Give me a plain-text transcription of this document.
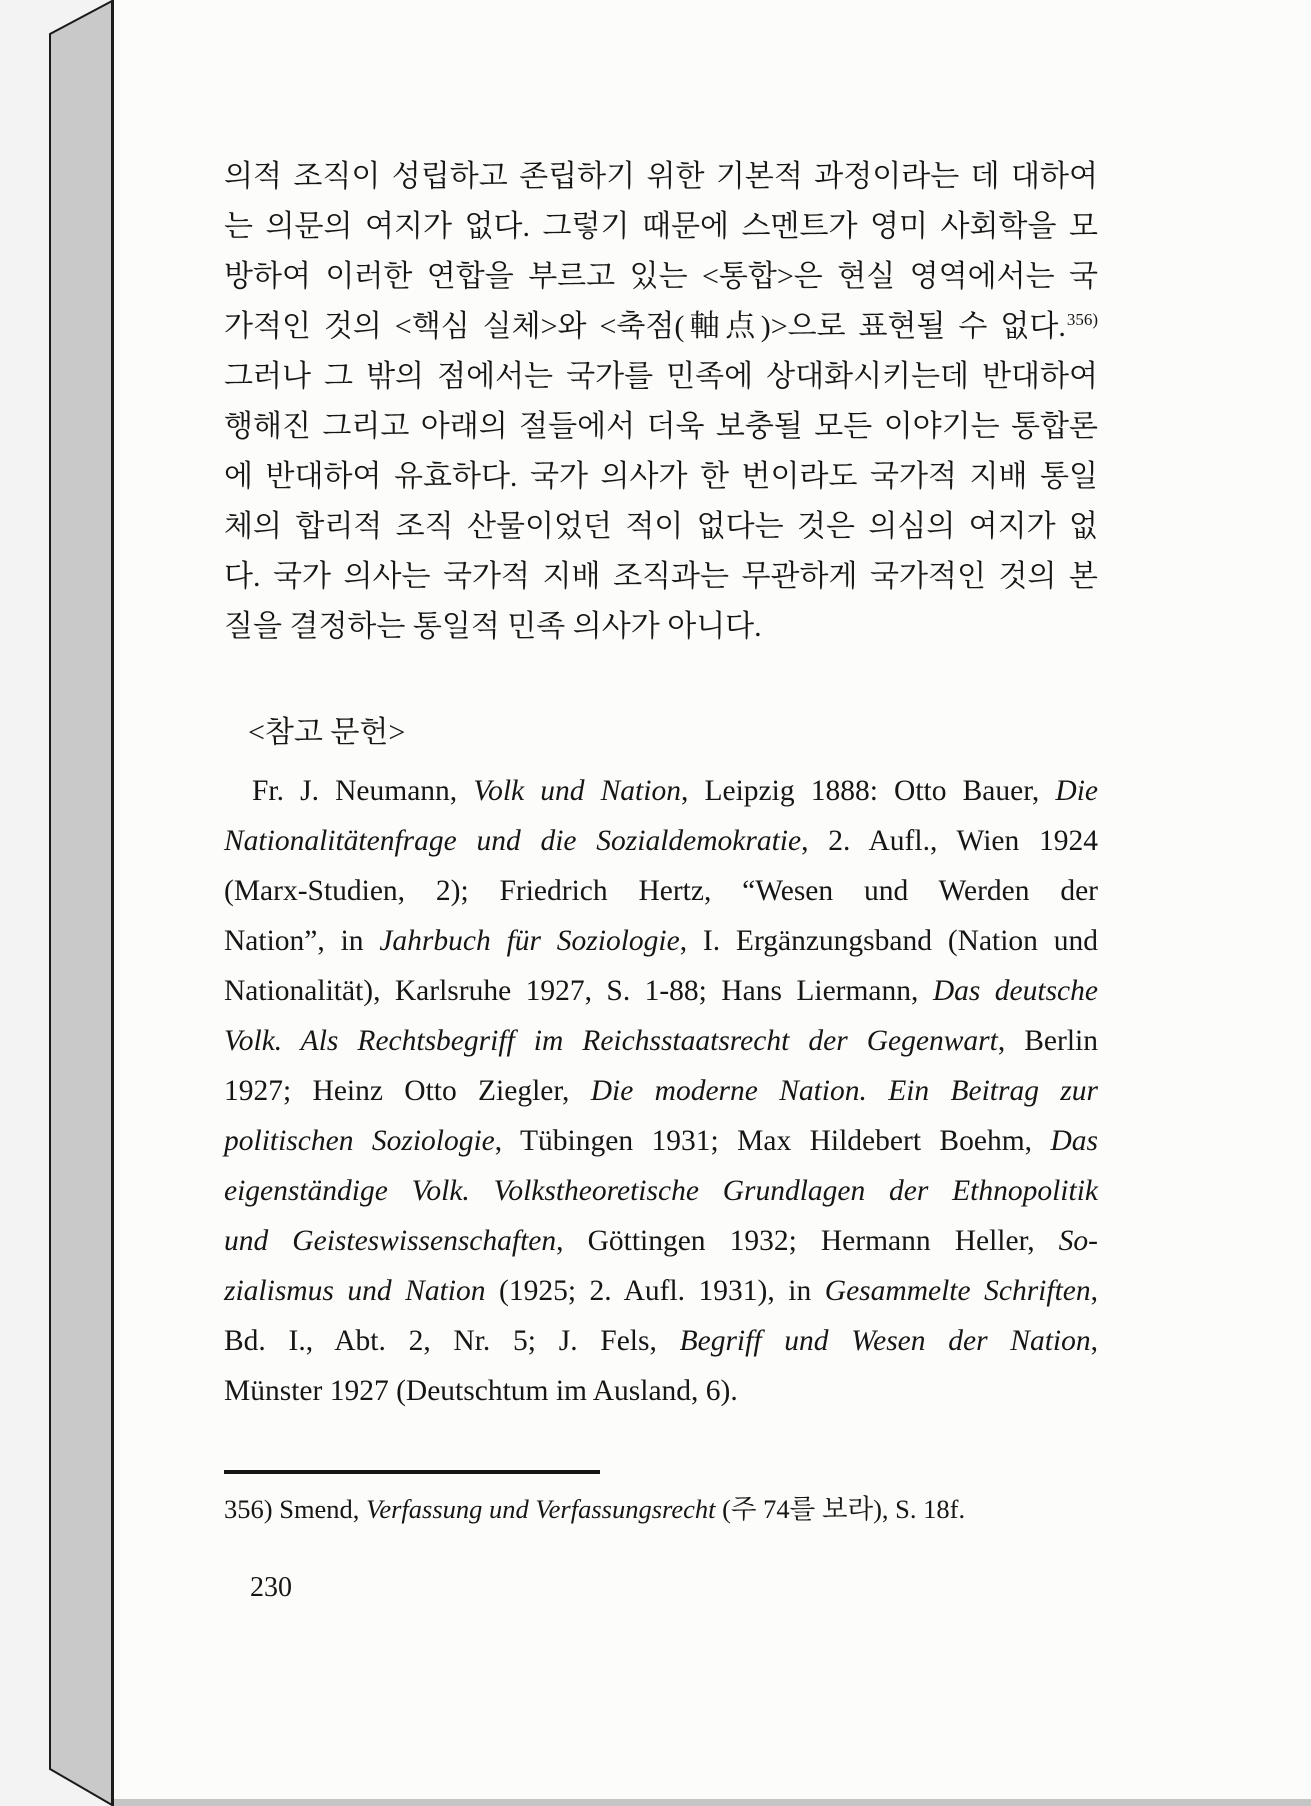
의적 조직이 성립하고 존립하기 위한 기본적 과정이라는 데 대하여
는 의문의 여지가 없다. 그렇기 때문에 스멘트가 영미 사회학을 모
방하여 이러한 연합을 부르고 있는 <통합>은 현실 영역에서는 국
가적인 것의 <핵심 실체>와 <축점(軸点)>으로 표현될 수 없다.$^{356)}$
그러나 그 밖의 점에서는 국가를 민족에 상대화시키는데 반대하여
행해진 그리고 아래의 절들에서 더욱 보충될 모든 이야기는 통합론
에 반대하여 유효하다. 국가 의사가 한 번이라도 국가적 지배 통일
체의 합리적 조직 산물이었던 적이 없다는 것은 의심의 여지가 없
다. 국가 의사는 국가적 지배 조직과는 무관하게 국가적인 것의 본
질을 결정하는 통일적 민족 의사가 아니다.
<참고 문헌>
Fr. J. Neumann, Volk und Nation, Leipzig 1888: Otto Bauer, Die
Nationalitätenfrage und die Sozialdemokratie, 2. Aufl., Wien 1924
(Marx-Studien, 2); Friedrich Hertz, “Wesen und Werden der
Nation”, in Jahrbuch für Soziologie, I. Ergänzungsband (Nation und
Nationalität), Karlsruhe 1927, S. 1-88; Hans Liermann, Das deutsche
Volk. Als Rechtsbegriff im Reichsstaatsrecht der Gegenwart, Berlin
1927; Heinz Otto Ziegler, Die moderne Nation. Ein Beitrag zur
politischen Soziologie, Tübingen 1931; Max Hildebert Boehm, Das
eigenständige Volk. Volkstheoretische Grundlagen der Ethnopolitik
und Geisteswissenschaften, Göttingen 1932; Hermann Heller, So-
zialismus und Nation (1925; 2. Aufl. 1931), in Gesammelte Schriften,
Bd. I., Abt. 2, Nr. 5; J. Fels, Begriff und Wesen der Nation,
Münster 1927 (Deutschtum im Ausland, 6).
356) Smend, Verfassung und Verfassungsrecht (주 74를 보라), S. 18f.
230
